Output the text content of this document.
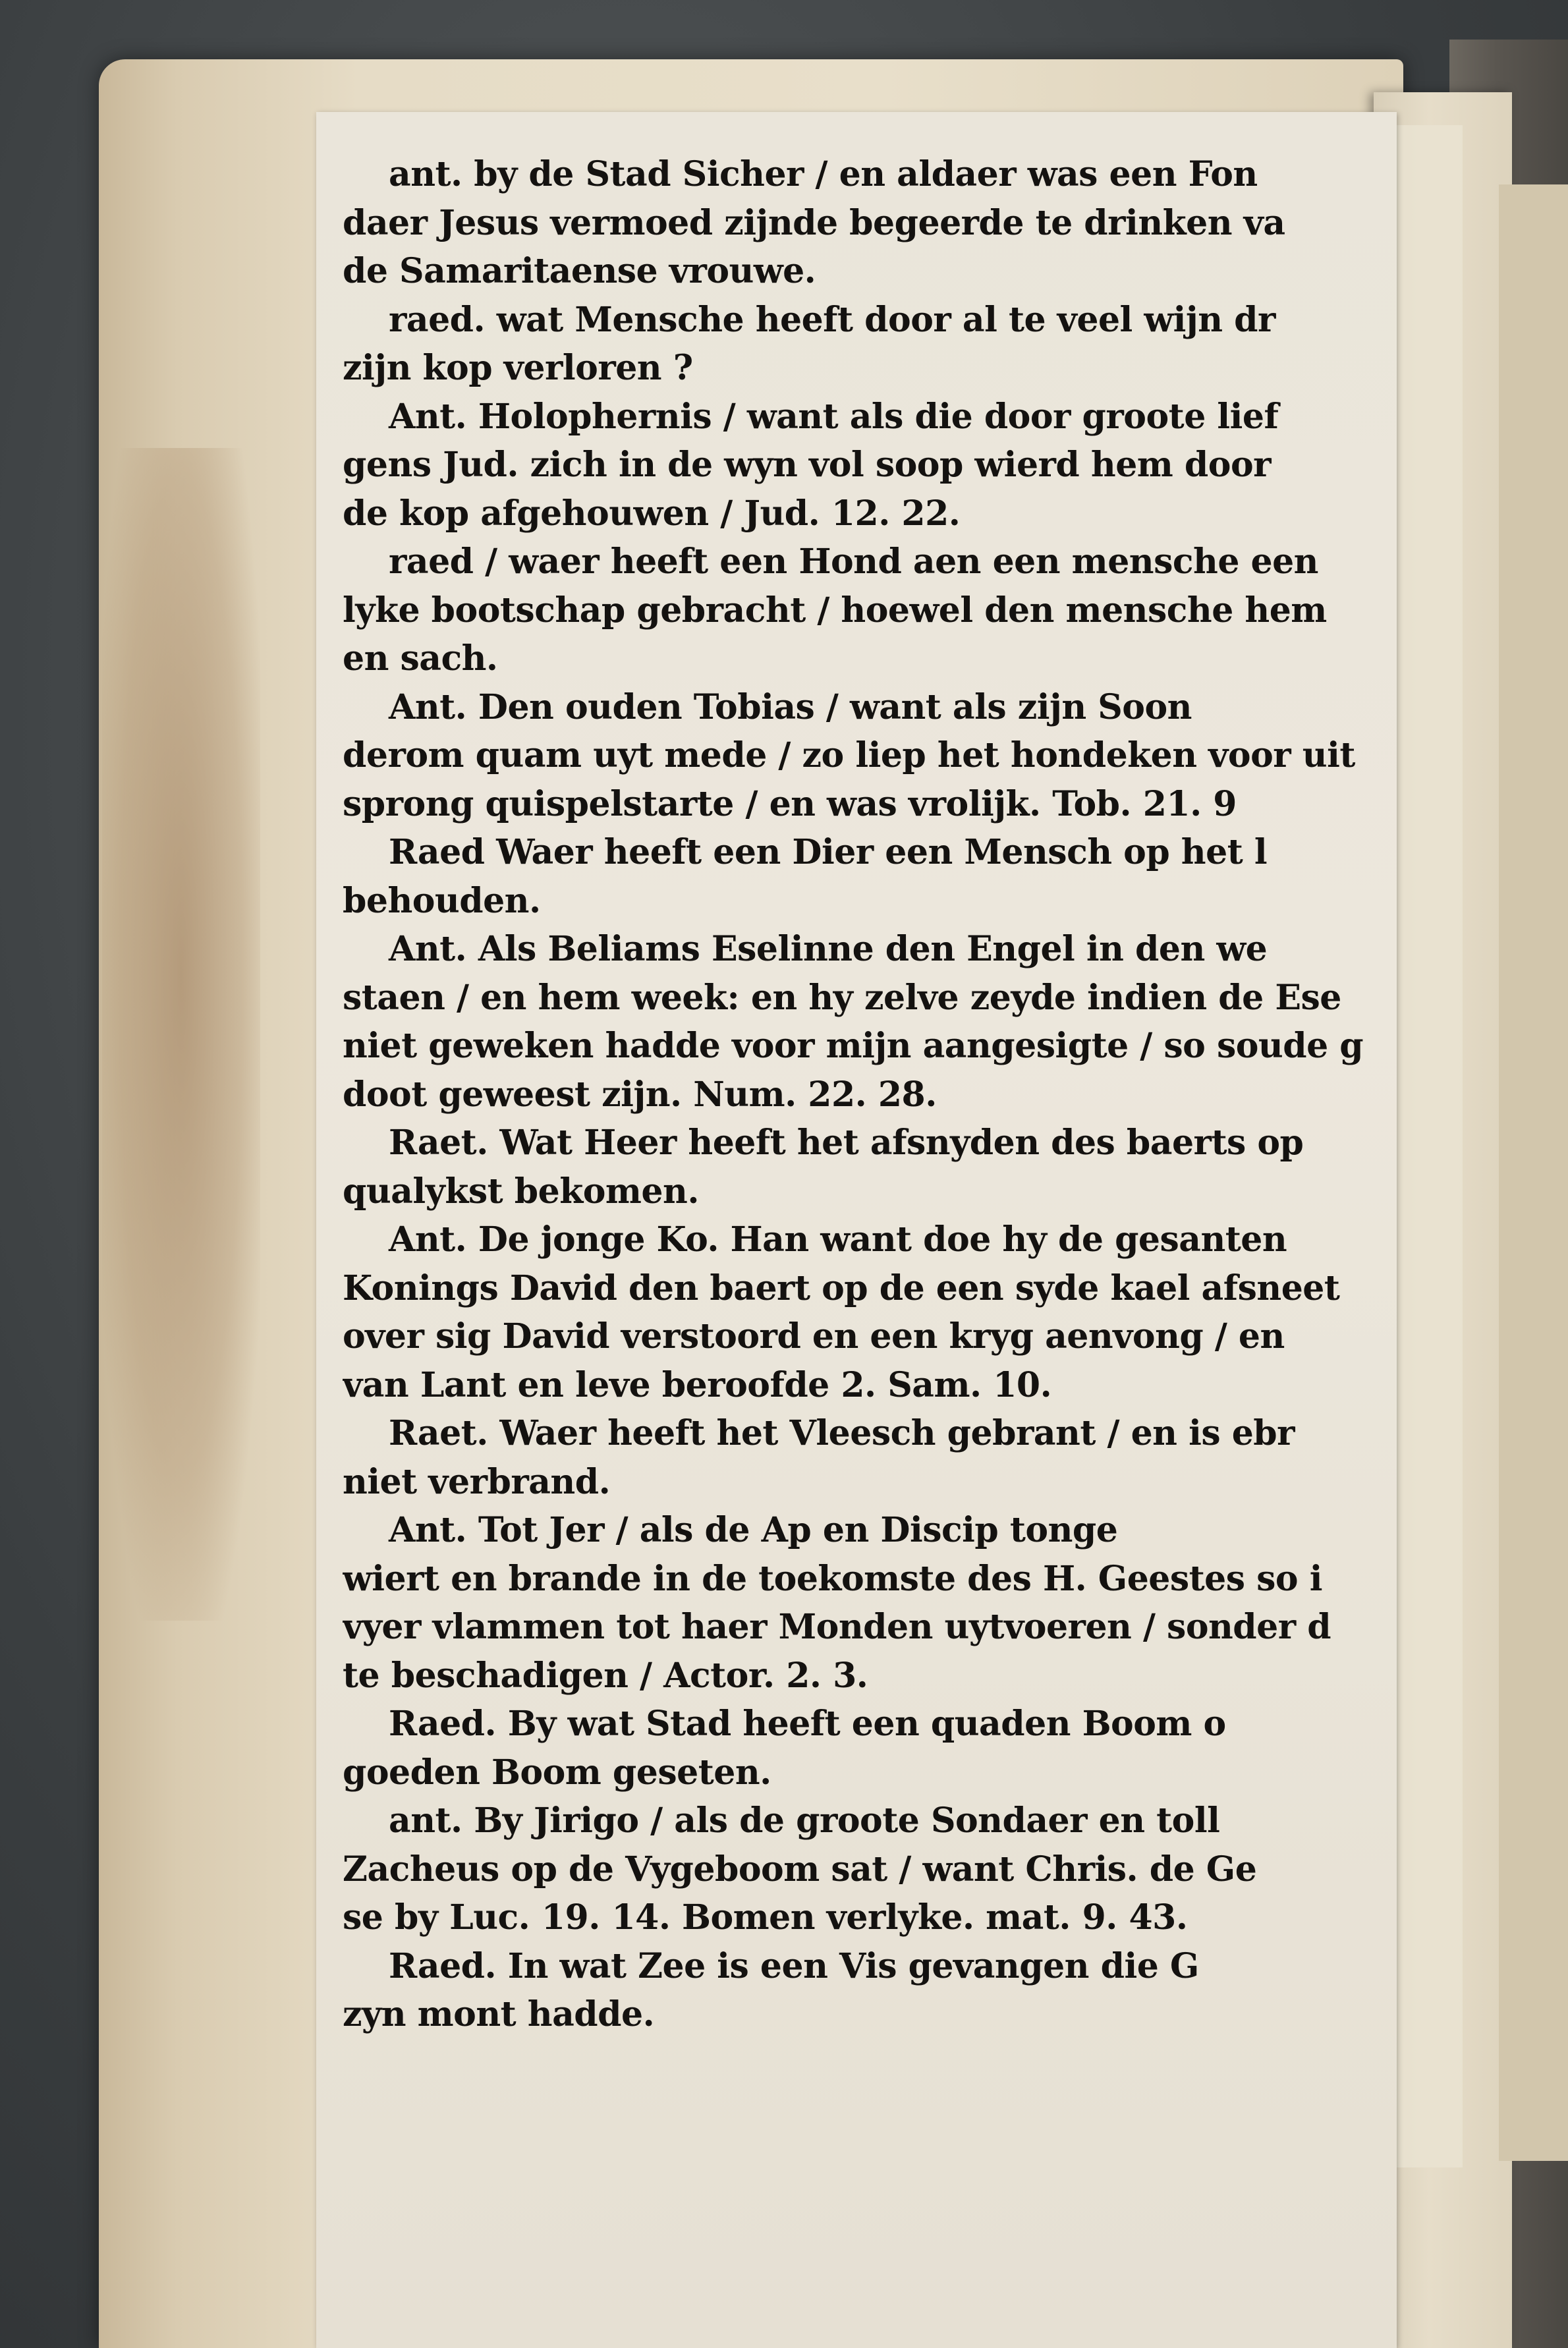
ant. by de Stad Sicher / en aldaer was een Fon
daer Jesus vermoed zijnde begeerde te drinken va
de Samaritaense vrouwe.
raed. wat Mensche heeft door al te veel wijn dr
zijn kop verloren ?
Ant. Holophernis / want als die door groote lief
gens Jud. zich in de wyn vol soop wierd hem door
de kop afgehouwen / Jud. 12. 22.
raed / waer heeft een Hond aen een mensche een
lyke bootschap gebracht / hoewel den mensche hem
en sach.
Ant. Den ouden Tobias / want als zijn Soon
derom quam uyt mede / zo liep het hondeken voor uit
sprong quispelstarte / en was vrolijk. Tob. 21. 9
Raed Waer heeft een Dier een Mensch op het l
behouden.
Ant. Als Beliams Eselinne den Engel in den we
staen / en hem week: en hy zelve zeyde indien de Ese
niet geweken hadde voor mijn aangesigte / so soude g
doot geweest zijn. Num. 22. 28.
Raet. Wat Heer heeft het afsnyden des baerts op
qualykst bekomen.
Ant. De jonge Ko. Han want doe hy de gesanten
Konings David den baert op de een syde kael afsneet
over sig David verstoord en een kryg aenvong / en
van Lant en leve beroofde 2. Sam. 10.
Raet. Waer heeft het Vleesch gebrant / en is ebr
niet verbrand.
Ant. Tot Jer / als de Ap en Discip tonge
wiert en brande in de toekomste des H. Geestes so i
vyer vlammen tot haer Monden uytvoeren / sonder d
te beschadigen / Actor. 2. 3.
Raed. By wat Stad heeft een quaden Boom o
goeden Boom geseten.
ant. By Jirigo / als de groote Sondaer en toll
Zacheus op de Vygeboom sat / want Chris. de Ge
se by Luc. 19. 14. Bomen verlyke. mat. 9. 43.
Raed. In wat Zee is een Vis gevangen die G
zyn mont hadde.
